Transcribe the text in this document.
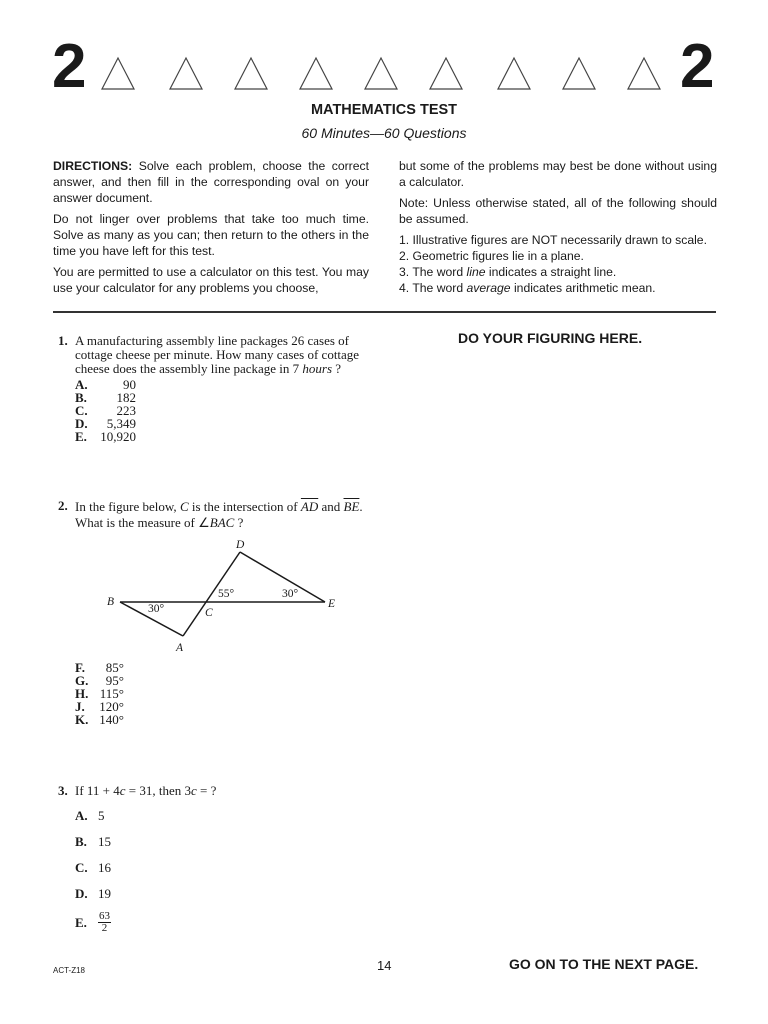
2	2
MATHEMATICS TEST
60 Minutes—60 Questions

DIRECTIONS: Solve each problem, choose the correct answer, and then fill in the corresponding oval on your answer document.

Do not linger over problems that take too much time. Solve as many as you can; then return to the others in the time you have left for this test.

You are permitted to use a calculator on this test. You may use your calculator for any problems you choose,

but some of the problems may best be done without using a calculator.

Note: Unless otherwise stated, all of the following should be assumed.

1. Illustrative figures are NOT necessarily drawn to scale.

2. Geometric figures lie in a plane.

3. The word line indicates a straight line.

4. The word average indicates arithmetic mean.

DO YOUR FIGURING HERE.
1. A manufacturing assembly line packages 26 cases of cottage cheese per minute. How many cases of cottage cheese does the assembly line package in 7 hours ?
A.	90
B.	182
C.	223
D.	5,349
E.	10,920
2. In the figure below, C is the intersection of $\overline{AD}$ and $\overline{BE}$. What is the measure of ∠BAC ?
D
B
C
E
A
55°	30°
30°
F.	85°
G.	95°
H. 115°
J.	120°
K. 140°
3. If 11 + 4c = 31, then 3c = ?
A. 5
B. 15
C. 16
D. 19
E.	$\frac{63}{2}$
ACT-Z18	14	GO ON TO THE NEXT PAGE.
